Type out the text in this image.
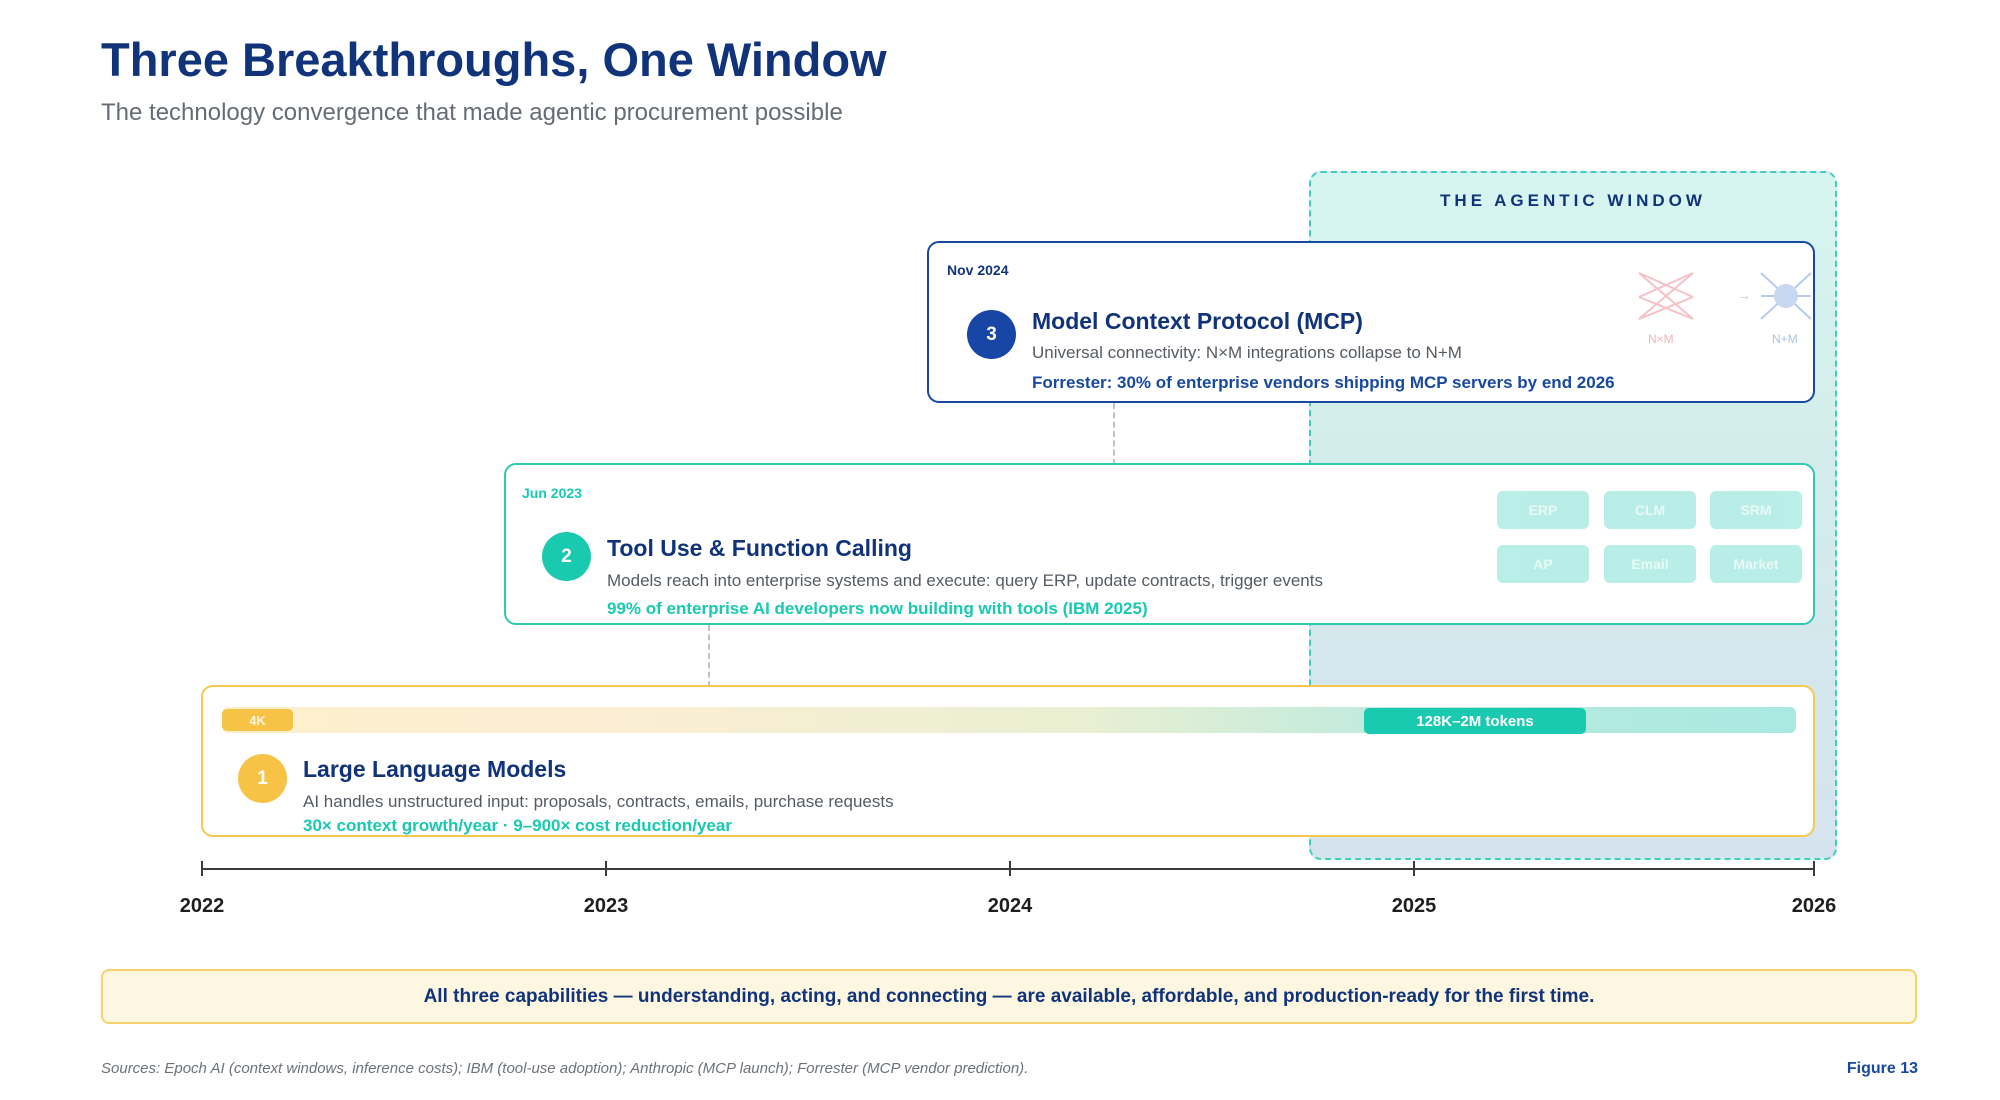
Three Breakthroughs, One Window
The technology convergence that made agentic procurement possible
THE AGENTIC WINDOW
Nov 2024
3	Model Context Protocol (MCP)
Universal connectivity: N×M integrations collapse to N+M
Forrester: 30% of enterprise vendors shipping MCP servers by end 2026
N×M
→
N+M
Jun 2023
2	Tool Use & Function Calling
Models reach into enterprise systems and execute: query ERP, update contracts, trigger events
99% of enterprise AI developers now building with tools (IBM 2025)
ERP	CLM	SRM
AP	Email	Market
4K	128K–2M tokens
1	Large Language Models
AI handles unstructured input: proposals, contracts, emails, purchase requests
30× context growth/year · 9–900× cost reduction/year
2022	2023	2024	2025	2026
All three capabilities — understanding, acting, and connecting — are available, affordable, and production-ready for the first time.
Sources: Epoch AI (context windows, inference costs); IBM (tool-use adoption); Anthropic (MCP launch); Forrester (MCP vendor prediction).	Figure 13
